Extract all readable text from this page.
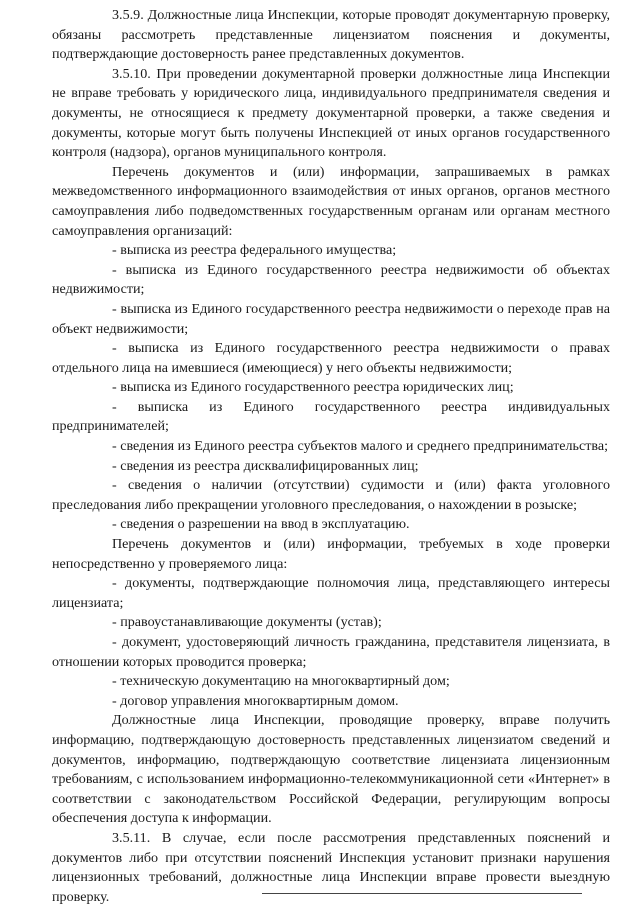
3.5.9. Должностные лица Инспекции, которые проводят документарную проверку, обязаны рассмотреть представленные лицензиатом пояснения и документы, подтверждающие достоверность ранее представленных документов.

3.5.10. При проведении документарной проверки должностные лица Инспекции не вправе требовать у юридического лица, индивидуального предпринимателя сведения и документы, не относящиеся к предмету документарной проверки, а также сведения и документы, которые могут быть получены Инспекцией от иных органов государственного контроля (надзора), органов муниципального контроля.

Перечень документов и (или) информации, запрашиваемых в рамках межведомственного информационного взаимодействия от иных органов, органов местного самоуправления либо подведомственных государственным органам или органам местного самоуправления организаций:

- выписка из реестра федерального имущества;

- выписка из Единого государственного реестра недвижимости об объектах недвижимости;

- выписка из Единого государственного реестра недвижимости о переходе прав на объект недвижимости;

- выписка из Единого государственного реестра недвижимости о правах отдельного лица на имевшиеся (имеющиеся) у него объекты недвижимости;

- выписка из Единого государственного реестра юридических лиц;

- выписка из Единого государственного реестра индивидуальных предпринимателей;

- сведения из Единого реестра субъектов малого и среднего предпринимательства;

- сведения из реестра дисквалифицированных лиц;

- сведения о наличии (отсутствии) судимости и (или) факта уголовного преследования либо прекращении уголовного преследования, о нахождении в розыске;

- сведения о разрешении на ввод в эксплуатацию.

Перечень документов и (или) информации, требуемых в ходе проверки непосредственно у проверяемого лица:

- документы, подтверждающие полномочия лица, представляющего интересы лицензиата;

- правоустанавливающие документы (устав);

- документ, удостоверяющий личность гражданина, представителя лицензиата, в отношении которых проводится проверка;

- техническую документацию на многоквартирный дом;

- договор управления многоквартирным домом.

Должностные лица Инспекции, проводящие проверку, вправе получить информацию, подтверждающую достоверность представленных лицензиатом сведений и документов, информацию, подтверждающую соответствие лицензиата лицензионным требованиям, с использованием информационно-телекоммуникационной сети «Интернет» в соответствии с законодательством Российской Федерации, регулирующим вопросы обеспечения доступа к информации.

3.5.11. В случае, если после рассмотрения представленных пояснений и документов либо при отсутствии пояснений Инспекция установит признаки нарушения лицензионных требований, должностные лица Инспекции вправе провести выездную проверку.
